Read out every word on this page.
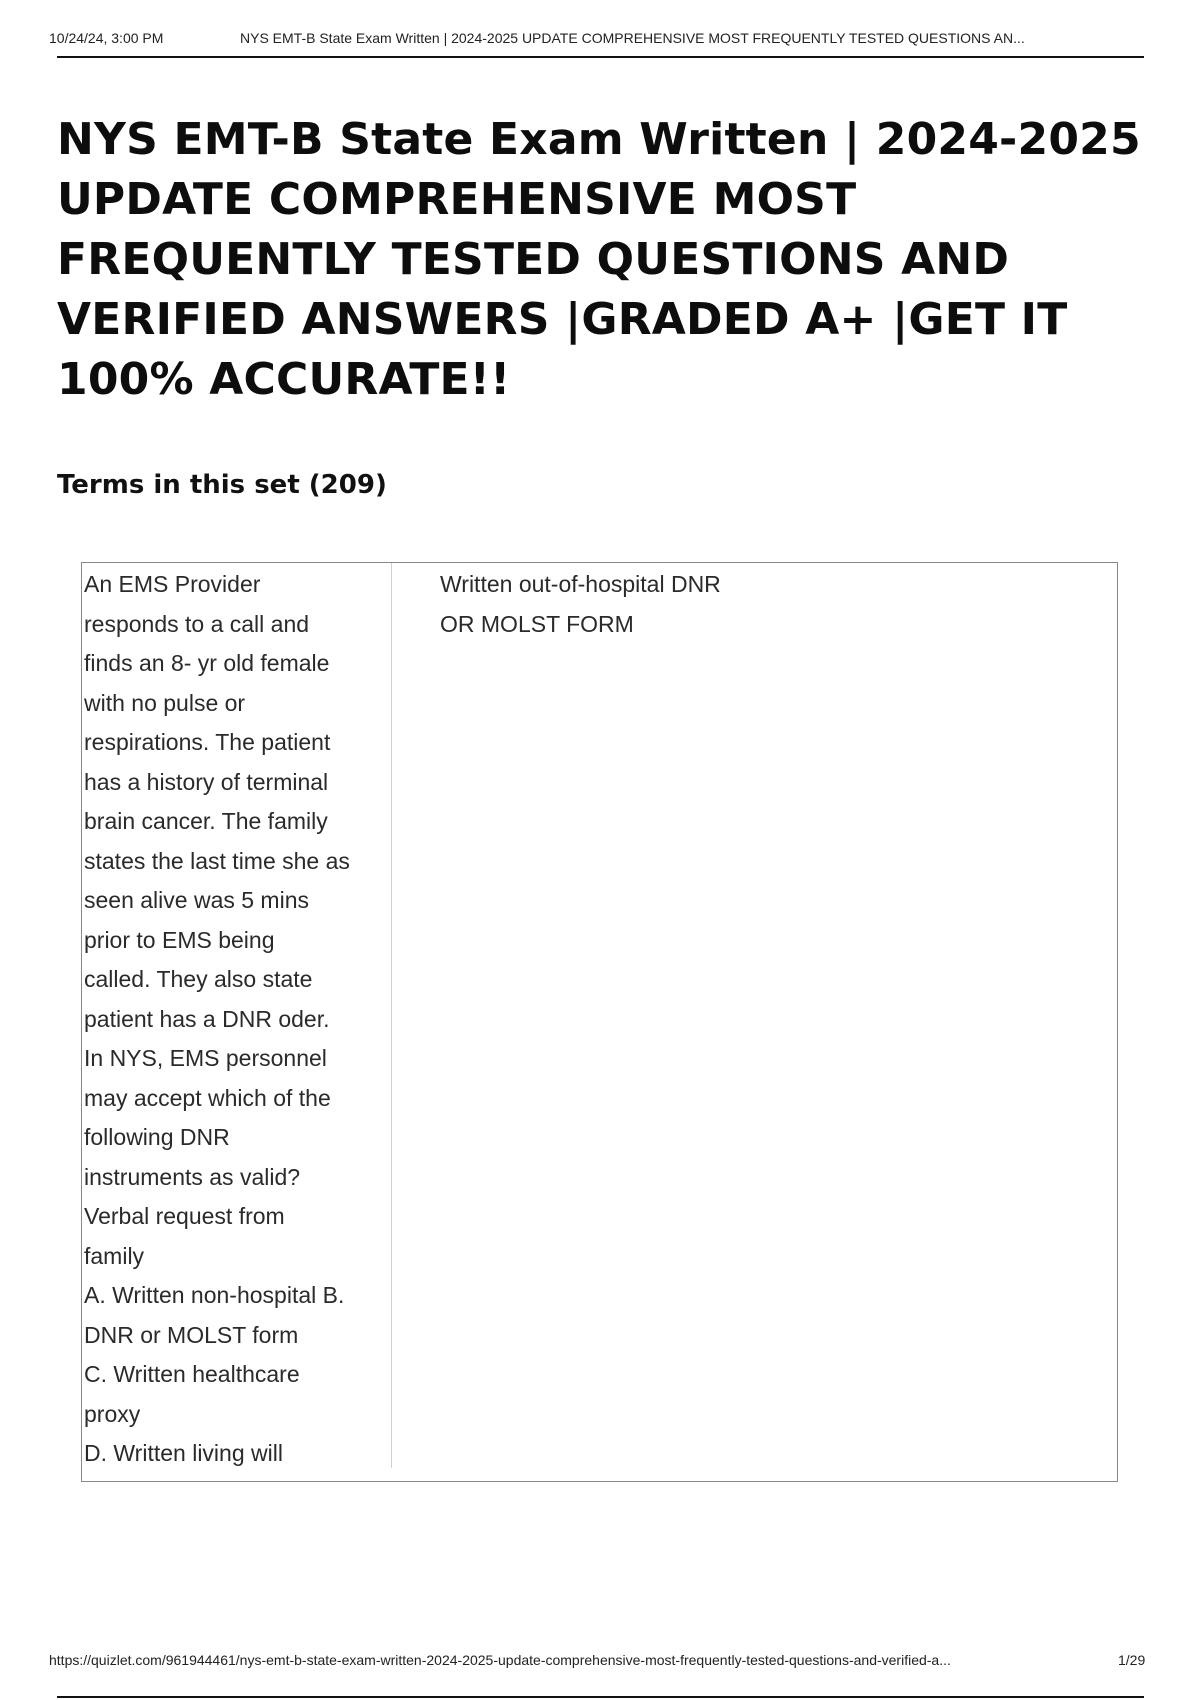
10/24/24, 3:00 PM	NYS EMT-B State Exam Written | 2024-2025 UPDATE COMPREHENSIVE MOST FREQUENTLY TESTED QUESTIONS AN...
NYS EMT-B State Exam Written | 2024-2025 UPDATE COMPREHENSIVE MOST FREQUENTLY TESTED QUESTIONS AND VERIFIED ANSWERS |GRADED A+ |GET IT 100% ACCURATE!!
Terms in this set (209)
An EMS Provider
responds to a call and
finds an 8- yr old female
with no pulse or
respirations. The patient
has a history of terminal
brain cancer. The family
states the last time she as
seen alive was 5 mins
prior to EMS being
called. They also state
patient has a DNR oder.
In NYS, EMS personnel
may accept which of the
following DNR
instruments as valid?
Verbal request from
family
A. Written non-hospital B.
DNR or MOLST form
C. Written healthcare
proxy
D. Written living will
Written out-of-hospital DNR
OR MOLST FORM
https://quizlet.com/961944461/nys-emt-b-state-exam-written-2024-2025-update-comprehensive-most-frequently-tested-questions-and-verified-a...	1/29
